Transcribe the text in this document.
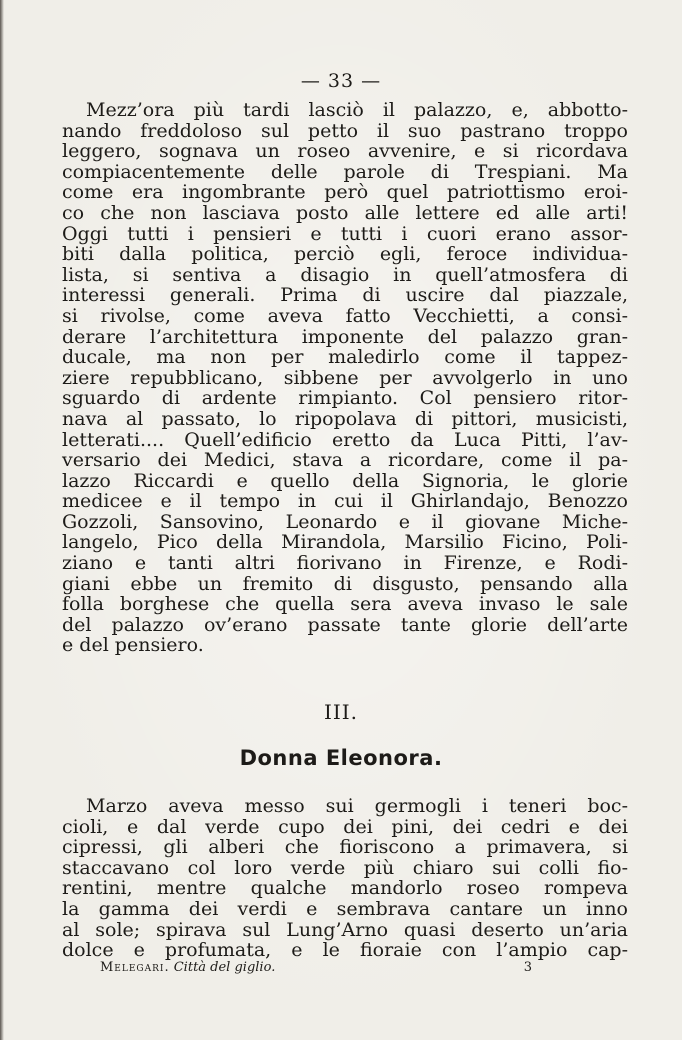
— 33 —
Mezz’ora più tardi lasciò il palazzo, e, abbotto-
nando freddoloso sul petto il suo pastrano troppo
leggero, sognava un roseo avvenire, e si ricordava
compiacentemente delle parole di Trespiani. Ma
come era ingombrante però quel patriottismo eroi-
co che non lasciava posto alle lettere ed alle arti!
Oggi tutti i pensieri e tutti i cuori erano assor-
biti dalla politica, perciò egli, feroce individua-
lista, si sentiva a disagio in quell’atmosfera di
interessi generali. Prima di uscire dal piazzale,
si rivolse, come aveva fatto Vecchietti, a consi-
derare l’architettura imponente del palazzo gran-
ducale, ma non per maledirlo come il tappez-
ziere repubblicano, sibbene per avvolgerlo in uno
sguardo di ardente rimpianto. Col pensiero ritor-
nava al passato, lo ripopolava di pittori, musicisti,
letterati.... Quell’edificio eretto da Luca Pitti, l’av-
versario dei Medici, stava a ricordare, come il pa-
lazzo Riccardi e quello della Signoria, le glorie
medicee e il tempo in cui il Ghirlandajo, Benozzo
Gozzoli, Sansovino, Leonardo e il giovane Miche-
langelo, Pico della Mirandola, Marsilio Ficino, Poli-
ziano e tanti altri fiorivano in Firenze, e Rodi-
giani ebbe un fremito di disgusto, pensando alla
folla borghese che quella sera aveva invaso le sale
del palazzo ov’erano passate tante glorie dell’arte
e del pensiero.
III.
Donna Eleonora.
Marzo aveva messo sui germogli i teneri boc-
cioli, e dal verde cupo dei pini, dei cedri e dei
cipressi, gli alberi che fioriscono a primavera, si
staccavano col loro verde più chiaro sui colli fio-
rentini, mentre qualche mandorlo roseo rompeva
la gamma dei verdi e sembrava cantare un inno
al sole; spirava sul Lung’Arno quasi deserto un’aria
dolce e profumata, e le fioraie con l’ampio cap-
Melegari. Città del giglio.	3
